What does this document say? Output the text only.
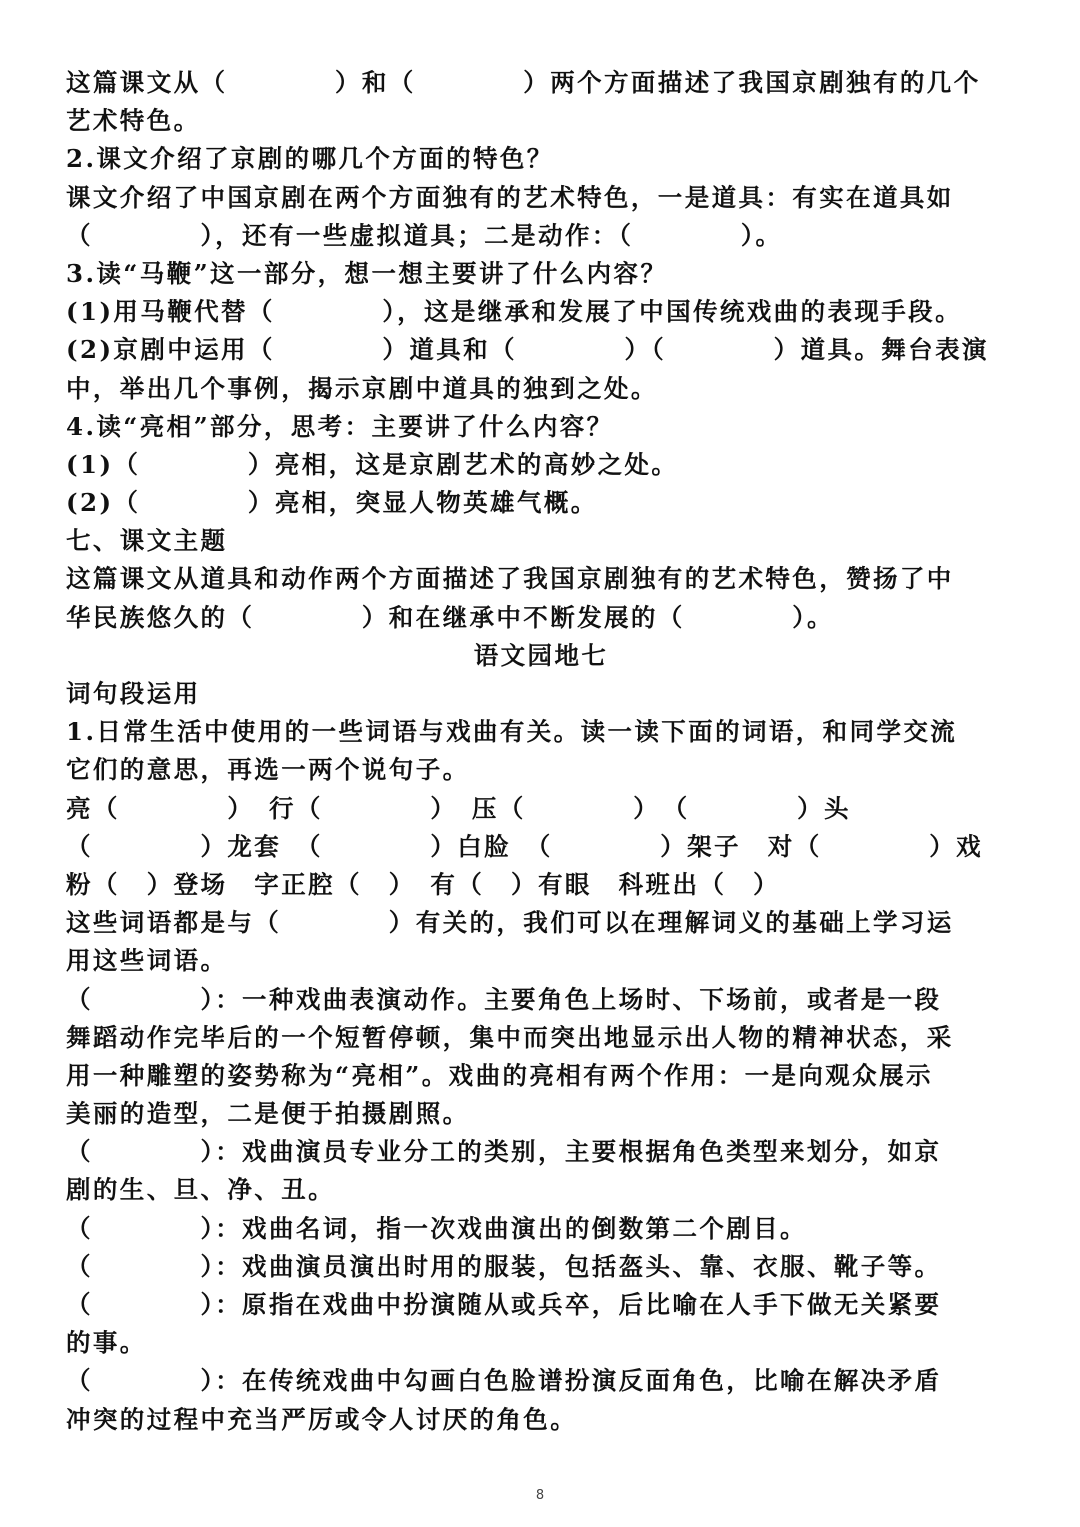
这篇课文从（　　　　）和（　　　　）两个方面描述了我国京剧独有的几个
艺术特色。
2.课文介绍了京剧的哪几个方面的特色？
课文介绍了中国京剧在两个方面独有的艺术特色，一是道具：有实在道具如
（　　　　），还有一些虚拟道具；二是动作：（　　　　）。
3.读“马鞭”这一部分，想一想主要讲了什么内容？
(1)用马鞭代替（　　　　），这是继承和发展了中国传统戏曲的表现手段。
(2)京剧中运用（　　　　）道具和（　　　　）（　　　　）道具。舞台表演
中，举出几个事例，揭示京剧中道具的独到之处。
4.读“亮相”部分，思考：主要讲了什么内容？
(1)（　　　　）亮相，这是京剧艺术的高妙之处。
(2)（　　　　）亮相，突显人物英雄气概。
七、课文主题
这篇课文从道具和动作两个方面描述了我国京剧独有的艺术特色，赞扬了中
华民族悠久的（　　　　）和在继承中不断发展的（　　　　）。
语文园地七
词句段运用
1.日常生活中使用的一些词语与戏曲有关。读一读下面的词语，和同学交流
它们的意思，再选一两个说句子。
亮（　　　　）　行（　　　　）　压（　　　　）　（　　　　）头
（　　　　）龙套　（　　　　）白脸　（　　　　）架子　对（　　　　）戏
粉（　）登场　字正腔（　）　有（　）有眼　科班出（　）
这些词语都是与（　　　　）有关的，我们可以在理解词义的基础上学习运
用这些词语。
（　　　　）：一种戏曲表演动作。主要角色上场时、下场前，或者是一段
舞蹈动作完毕后的一个短暂停顿，集中而突出地显示出人物的精神状态，采
用一种雕塑的姿势称为“亮相”。戏曲的亮相有两个作用：一是向观众展示
美丽的造型，二是便于拍摄剧照。
（　　　　）：戏曲演员专业分工的类别，主要根据角色类型来划分，如京
剧的生、旦、净、丑。
（　　　　）：戏曲名词，指一次戏曲演出的倒数第二个剧目。
（　　　　）：戏曲演员演出时用的服装，包括盔头、靠、衣服、靴子等。
（　　　　）：原指在戏曲中扮演随从或兵卒，后比喻在人手下做无关紧要
的事。
（　　　　）：在传统戏曲中勾画白色脸谱扮演反面角色，比喻在解决矛盾
冲突的过程中充当严厉或令人讨厌的角色。
8
